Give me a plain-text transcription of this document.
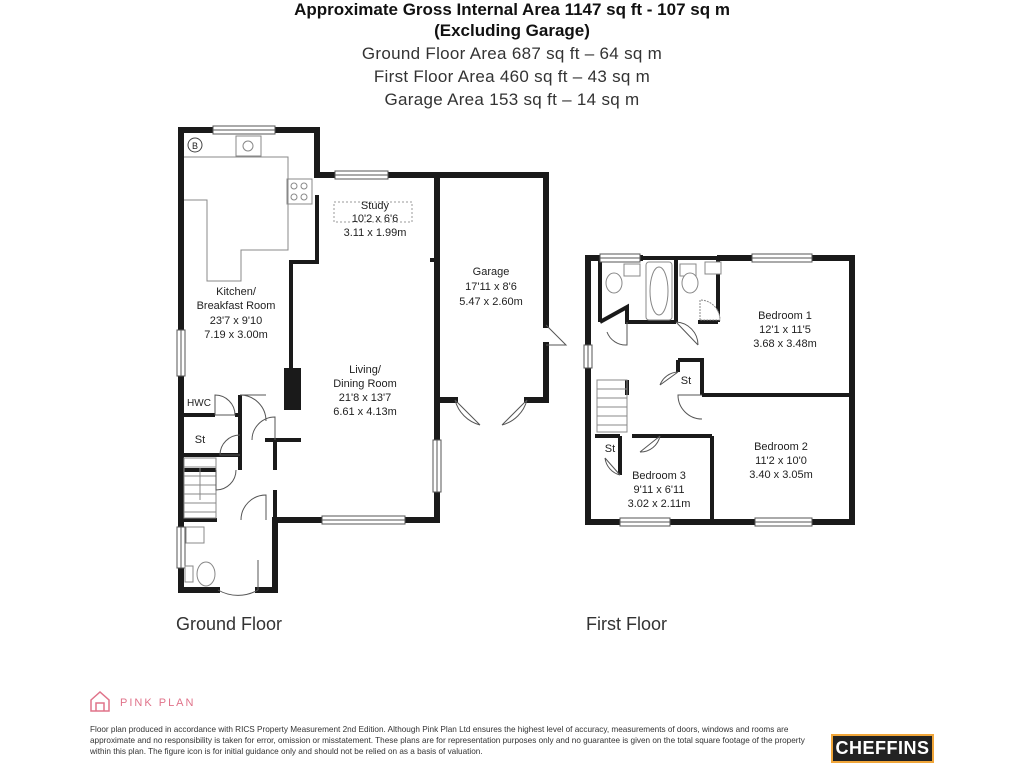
Approximate Gross Internal Area 1147 sq ft - 107 sq m
(Excluding Garage)
Ground Floor Area 687 sq ft – 64 sq m
First Floor Area 460 sq ft – 43 sq m
Garage Area 153 sq ft – 14 sq m
Kitchen/
Breakfast Room
23'7 x 9'10
7.19 x 3.00m
Study
10'2 x 6'6
3.11 x 1.99m
Garage
17'11 x 8'6
5.47 x 2.60m
Living/
Dining Room
21'8 x 13'7
6.61 x 4.13m
Bedroom 1
12'1 x 11'5
3.68 x 3.48m
Bedroom 2
11'2 x 10'0
3.40 x 3.05m
Bedroom 3
9'11 x 6'11
3.02 x 2.11m
HWC
St
St
St
B
Ground Floor	First Floor
PINK PLAN
Floor plan produced in accordance with RICS Property Measurement 2nd Edition. Although Pink Plan Ltd ensures the highest level of accuracy, measurements of doors, windows and rooms are approximate and no responsibility is taken for error, omission or misstatement. These plans are for representation purposes only and no guarantee is given on the total square footage of the property within this plan. The figure icon is for initial guidance only and should not be relied on as a basis of valuation.	CHEFFINS
